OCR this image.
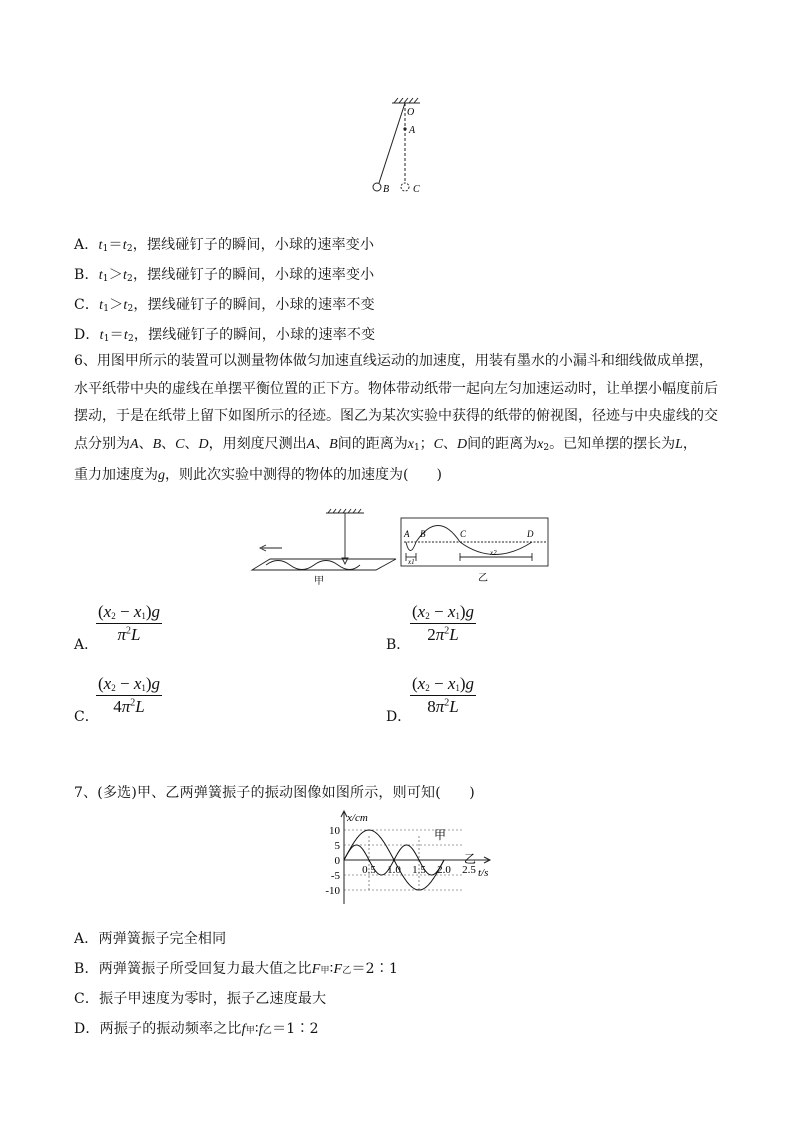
O
A
B C
A．$t_1=t_2$，摆线碰钉子的瞬间，小球的速率变小
B．$t_1>t_2$，摆线碰钉子的瞬间，小球的速率变小
C．$t_1>t_2$，摆线碰钉子的瞬间，小球的速率不变
D．$t_1=t_2$，摆线碰钉子的瞬间，小球的速率不变
6、用图甲所示的装置可以测量物体做匀加速直线运动的加速度，用装有墨水的小漏斗和细线做成单摆，
水平纸带中央的虚线在单摆平衡位置的正下方。物体带动纸带一起向左匀加速运动时，让单摆小幅度前后
摆动，于是在纸带上留下如图所示的径迹。图乙为某次实验中获得的纸带的俯视图，径迹与中央虚线的交
点分别为A、B、C、D，用刻度尺测出A、B间的距离为$x_1$；C、D间的距离为$x_2$。已知单摆的摆长为L，
重力加速度为g，则此次实验中测得的物体的加速度为(　　)
甲
A B	C	D
x1
x2
乙
A．
$\frac{(x_2 - x_1)g}{\pi^2L}$	B． $\frac{(x_2 - x_1)g}{2\pi^2L}$
C．
$\frac{(x_2 - x_1)g}{4\pi^2L}$	D．
$\frac{(x_2 - x_1)g}{8\pi^2L}$
7、(多选)甲、乙两弹簧振子的振动图像如图所示，则可知(　　)
x/cm
t/s
10
5
0
-5
-10
0.5 1.0 1.5 2.0 2.5
甲
乙
A．两弹簧振子完全相同
B．两弹簧振子所受回复力最大值之比F甲∶F乙＝2∶1
C．振子甲速度为零时，振子乙速度最大
D．两振子的振动频率之比f甲∶f乙＝1∶2
